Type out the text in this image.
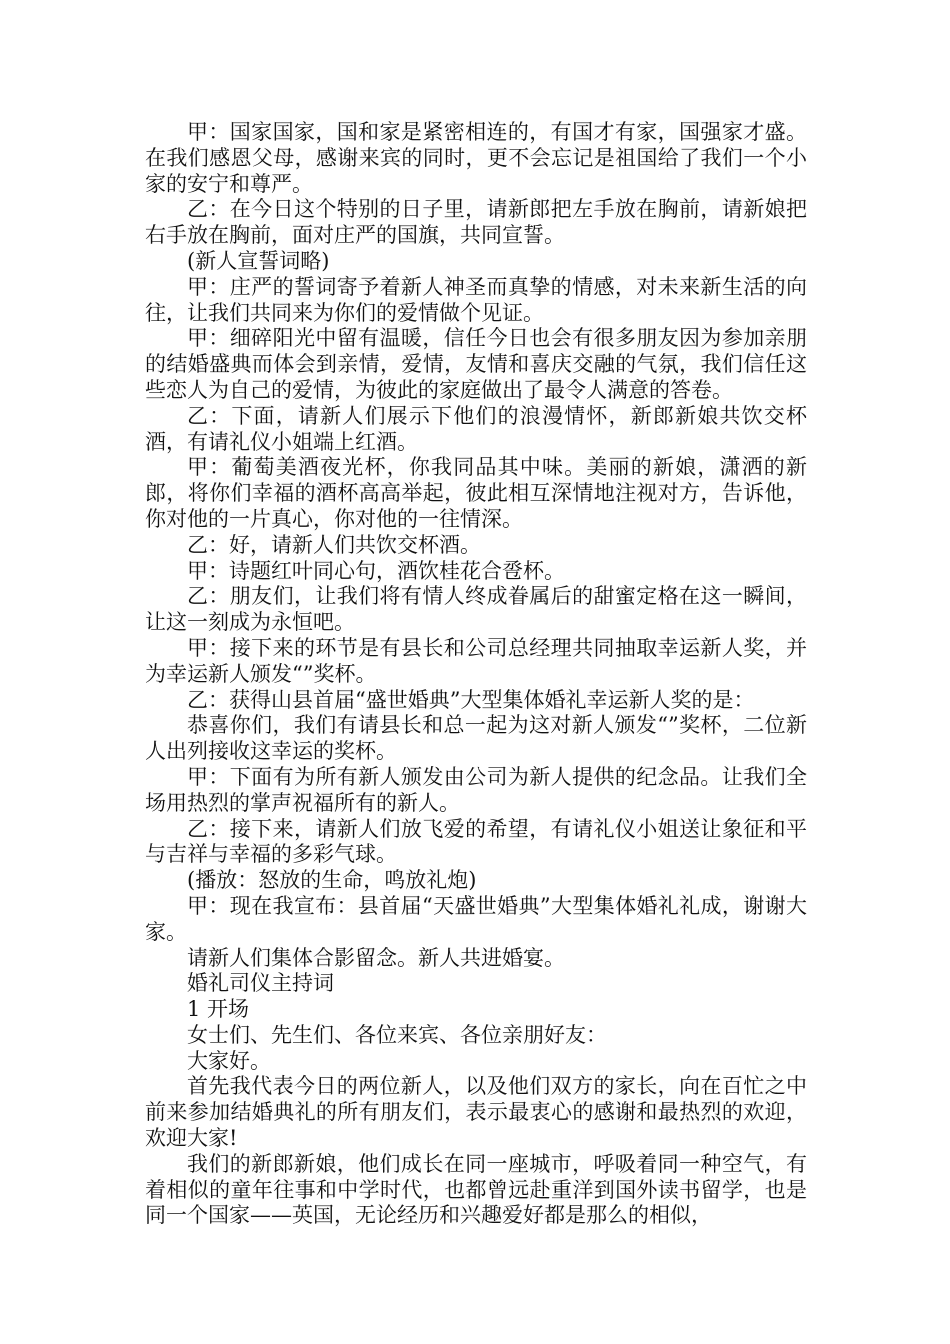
甲：国家国家，国和家是紧密相连的，有国才有家，国强家才盛。在我们感恩父母，感谢来宾的同时，更不会忘记是祖国给了我们一个小家的安宁和尊严。

乙：在今日这个特别的日子里，请新郎把左手放在胸前，请新娘把右手放在胸前，面对庄严的国旗，共同宣誓。

(新人宣誓词略)

甲：庄严的誓词寄予着新人神圣而真挚的情感，对未来新生活的向往，让我们共同来为你们的爱情做个见证。

甲：细碎阳光中留有温暖，信任今日也会有很多朋友因为参加亲朋的结婚盛典而体会到亲情，爱情，友情和喜庆交融的气氛，我们信任这些恋人为自己的爱情，为彼此的家庭做出了最令人满意的答卷。

乙：下面，请新人们展示下他们的浪漫情怀，新郎新娘共饮交杯酒，有请礼仪小姐端上红酒。

甲：葡萄美酒夜光杯，你我同品其中味。美丽的新娘，潇洒的新郎，将你们幸福的酒杯高高举起，彼此相互深情地注视对方，告诉他，你对他的一片真心，你对他的一往情深。

乙：好，请新人们共饮交杯酒。

甲：诗题红叶同心句，酒饮桂花合卺杯。

乙：朋友们，让我们将有情人终成眷属后的甜蜜定格在这一瞬间，让这一刻成为永恒吧。

甲：接下来的环节是有县长和公司总经理共同抽取幸运新人奖，并为幸运新人颁发“”奖杯。

乙：获得山县首届“盛世婚典”大型集体婚礼幸运新人奖的是：

恭喜你们，我们有请县长和总一起为这对新人颁发“”奖杯，二位新人出列接收这幸运的奖杯。

甲：下面有为所有新人颁发由公司为新人提供的纪念品。让我们全场用热烈的掌声祝福所有的新人。

乙：接下来，请新人们放飞爱的希望，有请礼仪小姐送让象征和平与吉祥与幸福的多彩气球。

(播放：怒放的生命，鸣放礼炮)

甲：现在我宣布：县首届“天盛世婚典”大型集体婚礼礼成，谢谢大家。

请新人们集体合影留念。新人共进婚宴。

婚礼司仪主持词

1 开场

女士们、先生们、各位来宾、各位亲朋好友：

大家好。

首先我代表今日的两位新人，以及他们双方的家长，向在百忙之中前来参加结婚典礼的所有朋友们，表示最衷心的感谢和最热烈的欢迎，欢迎大家!

我们的新郎新娘，他们成长在同一座城市，呼吸着同一种空气，有着相似的童年往事和中学时代，也都曾远赴重洋到国外读书留学，也是同一个国家——英国，无论经历和兴趣爱好都是那么的相似，
